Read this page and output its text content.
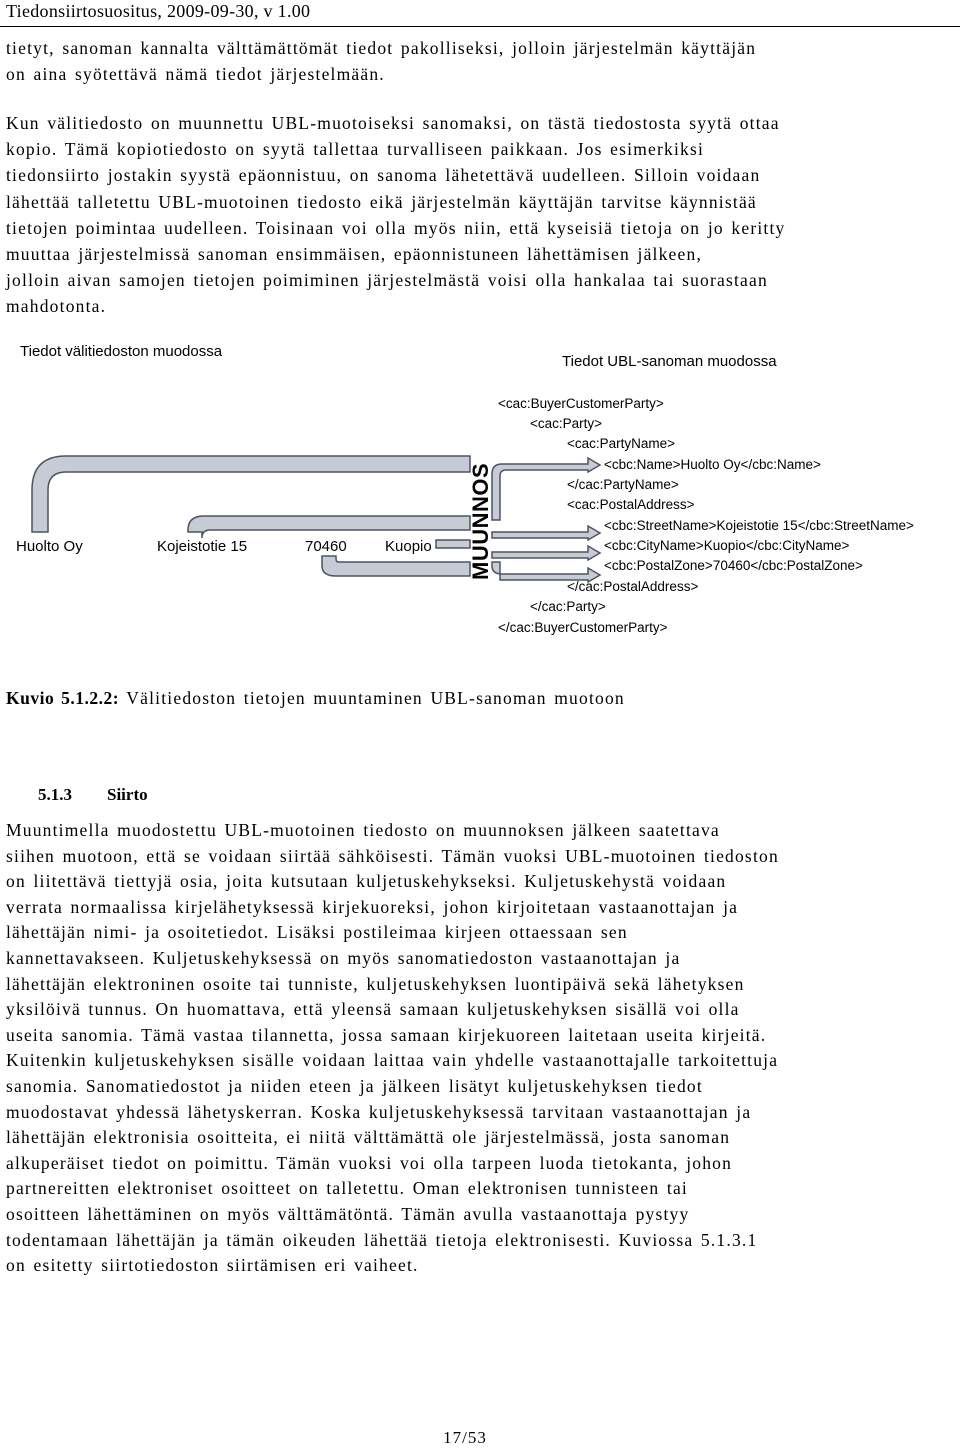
Tiedonsiirtosuositus, 2009-09-30, v 1.00
tietyt, sanoman kannalta välttämättömät tiedot pakolliseksi, jolloin järjestelmän käyttäjän
on aina syötettävä nämä tiedot järjestelmään.
Kun välitiedosto on muunnettu UBL-muotoiseksi sanomaksi, on tästä tiedostosta syytä ottaa
kopio. Tämä kopiotiedosto on syytä tallettaa turvalliseen paikkaan. Jos esimerkiksi
tiedonsiirto jostakin syystä epäonnistuu, on sanoma lähetettävä uudelleen. Silloin voidaan
lähettää talletettu UBL-muotoinen tiedosto eikä järjestelmän käyttäjän tarvitse käynnistää
tietojen poimintaa uudelleen. Toisinaan voi olla myös niin, että kyseisiä tietoja on jo keritty
muuttaa järjestelmissä sanoman ensimmäisen, epäonnistuneen lähettämisen jälkeen,
jolloin aivan samojen tietojen poimiminen järjestelmästä voisi olla hankalaa tai suorastaan
mahdotonta.
Tiedot välitiedoston muodossa
Tiedot UBL-sanoman muodossa
Huolto Oy	Kojeistotie 15	70460	Kuopio MUUNNOS
<cac:BuyerCustomerParty>
<cac:Party>
<cac:PartyName>
<cbc:Name>Huolto Oy</cbc:Name>
</cac:PartyName>
<cac:PostalAddress>
<cbc:StreetName>Kojeistotie 15</cbc:StreetName>
<cbc:CityName>Kuopio</cbc:CityName>
<cbc:PostalZone>70460</cbc:PostalZone>
</cac:PostalAddress>
</cac:Party>
</cac:BuyerCustomerParty>
Kuvio 5.1.2.2: Välitiedoston tietojen muuntaminen UBL-sanoman muotoon
5.1.3 Siirto
Muuntimella muodostettu UBL-muotoinen tiedosto on muunnoksen jälkeen saatettava
siihen muotoon, että se voidaan siirtää sähköisesti. Tämän vuoksi UBL-muotoinen tiedoston
on liitettävä tiettyjä osia, joita kutsutaan kuljetuskehykseksi. Kuljetuskehystä voidaan
verrata normaalissa kirjelähetyksessä kirjekuoreksi, johon kirjoitetaan vastaanottajan ja
lähettäjän nimi- ja osoitetiedot. Lisäksi postileimaa kirjeen ottaessaan sen
kannettavakseen. Kuljetuskehyksessä on myös sanomatiedoston vastaanottajan ja
lähettäjän elektroninen osoite tai tunniste, kuljetuskehyksen luontipäivä sekä lähetyksen
yksilöivä tunnus. On huomattava, että yleensä samaan kuljetuskehyksen sisällä voi olla
useita sanomia. Tämä vastaa tilannetta, jossa samaan kirjekuoreen laitetaan useita kirjeitä.
Kuitenkin kuljetuskehyksen sisälle voidaan laittaa vain yhdelle vastaanottajalle tarkoitettuja
sanomia. Sanomatiedostot ja niiden eteen ja jälkeen lisätyt kuljetuskehyksen tiedot
muodostavat yhdessä lähetyskerran. Koska kuljetuskehyksessä tarvitaan vastaanottajan ja
lähettäjän elektronisia osoitteita, ei niitä välttämättä ole järjestelmässä, josta sanoman
alkuperäiset tiedot on poimittu. Tämän vuoksi voi olla tarpeen luoda tietokanta, johon
partnereitten elektroniset osoitteet on talletettu. Oman elektronisen tunnisteen tai
osoitteen lähettäminen on myös välttämätöntä. Tämän avulla vastaanottaja pystyy
todentamaan lähettäjän ja tämän oikeuden lähettää tietoja elektronisesti. Kuviossa 5.1.3.1
on esitetty siirtotiedoston siirtämisen eri vaiheet.
17/53
